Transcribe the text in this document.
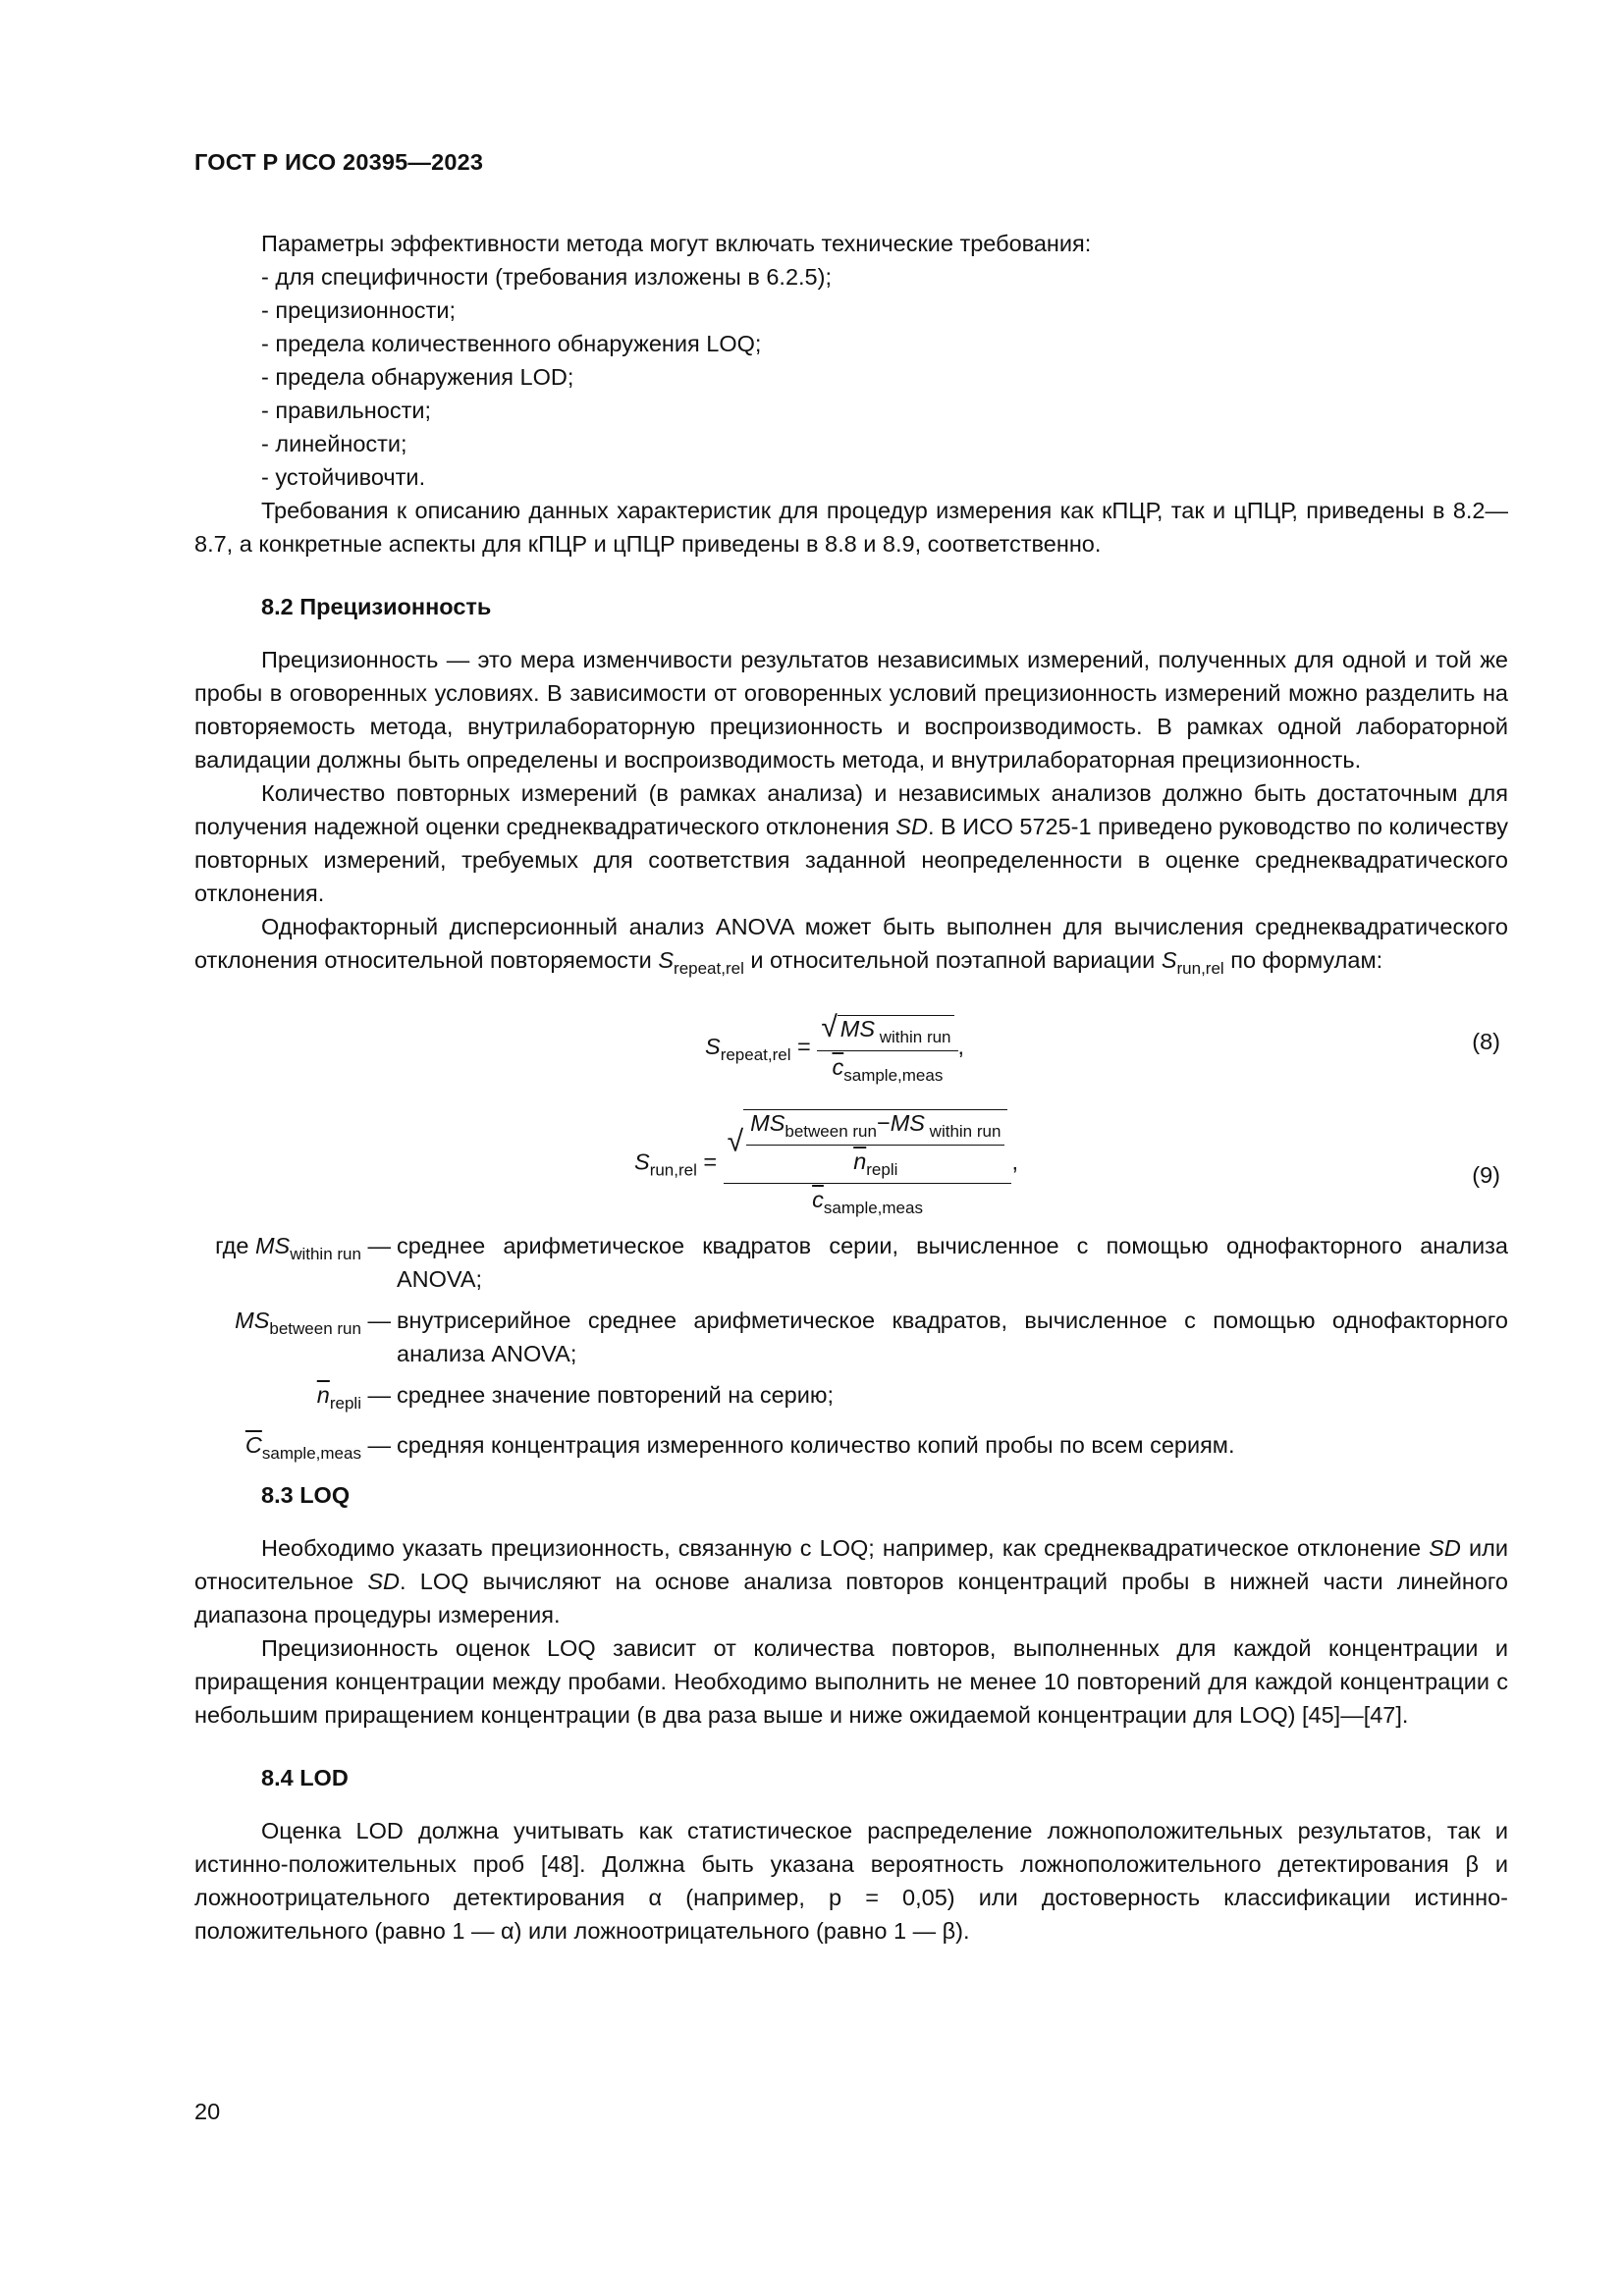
ГОСТ Р ИСО 20395—2023

Параметры эффективности метода могут включать технические требования:

- для специфичности (требования изложены в 6.2.5);
- прецизионности;
- предела количественного обнаружения LOQ;
- предела обнаружения LOD;
- правильности;
- линейности;
- устойчивочти.

Требования к описанию данных характеристик для процедур измерения как кПЦР, так и цПЦР, приведены в 8.2—8.7, а конкретные аспекты для кПЦР и цПЦР приведены в 8.8 и 8.9, соответственно.

8.2 Прецизионность

Прецизионность — это мера изменчивости результатов независимых измерений, полученных для одной и той же пробы в оговоренных условиях. В зависимости от оговоренных условий прецизионность измерений можно разделить на повторяемость метода, внутрилабораторную прецизионность и воспроизводимость. В рамках одной лабораторной валидации должны быть определены и воспроизводимость метода, и внутрилабораторная прецизионность.

Количество повторных измерений (в рамках анализа) и независимых анализов должно быть достаточным для получения надежной оценки среднеквадратического отклонения SD. В ИСО 5725-1 приведено руководство по количеству повторных измерений, требуемых для соответствия заданной неопределенности в оценке среднеквадратического отклонения.

Однофакторный дисперсионный анализ ANOVA может быть выполнен для вычисления среднеквадратического отклонения относительной повторяемости $S_{repeat,rel}$ и относительной поэтапной вариации $S_{run,rel}$ по формулам:

$S_{repeat,rel} = \frac{√ MS _{within run}}{\overline{c}_{sample,meas}}$ ,	(8)
$S_{run,rel} = \frac{√ \frac{MS_{between run}-MS _{within run}}{\overline{n}_{repli}}}{\overline{c}_{sample,meas}}$ ,
(9)
где $MS_{within run}$ —	среднее арифметическое квадратов серии, вычисленное с помощью однофакторного анализа ANOVA;
$MS_{between run}$ —	внутрисерийное среднее арифметическое квадратов, вычисленное с помощью однофакторного анализа ANOVA;
$\overline{n}_{repli}$ —	среднее значение повторений на серию;
$\overline{C}_{sample,meas}$ —	средняя концентрация измеренного количество копий пробы по всем сериям.
8.3 LOQ

Необходимо указать прецизионность, связанную с LOQ; например, как среднеквадратическое отклонение SD или относительное SD. LOQ вычисляют на основе анализа повторов концентраций пробы в нижней части линейного диапазона процедуры измерения.

Прецизионность оценок LOQ зависит от количества повторов, выполненных для каждой концентрации и приращения концентрации между пробами. Необходимо выполнить не менее 10 повторений для каждой концентрации с небольшим приращением концентрации (в два раза выше и ниже ожидаемой концентрации для LOQ) [45]—[47].

8.4 LOD

Оценка LOD должна учитывать как статистическое распределение ложноположительных результатов, так и истинно-положительных проб [48]. Должна быть указана вероятность ложноположительного детектирования β и ложноотрицательного детектирования α (например, p = 0,05) или достоверность классификации истинно-положительного (равно 1 — α) или ложноотрицательного (равно 1 — β).

20
